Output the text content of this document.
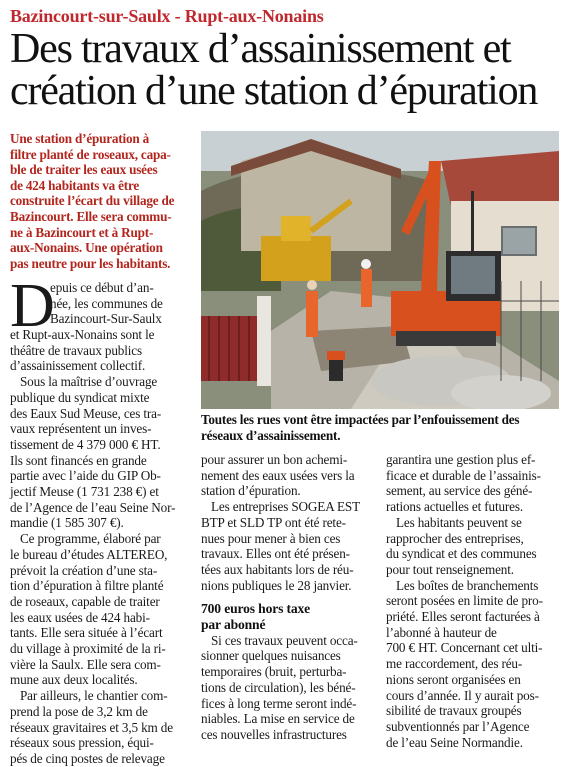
Bazincourt-sur-Saulx - Rupt-aux-Nonains
Des travaux d’assainissement et
création d’une station d’épuration
Une station d’épuration à
filtre planté de roseaux, capa-
ble de traiter les eaux usées
de 424 habitants va être
construite l’écart du village de
Bazincourt. Elle sera commu-
ne à Bazincourt et à Rupt-
aux-Nonains. Une opération
pas neutre pour les habitants.
Toutes les rues vont être impactées par l’enfouissement des
réseaux d’assainissement.
D
epuis ce début d’an-
née, les communes de
Bazincourt-Sur-Saulx
et Rupt-aux-Nonains sont le
théâtre de travaux publics
d’assainissement collectif.
Sous la maîtrise d’ouvrage
publique du syndicat mixte
des Eaux Sud Meuse, ces tra-
vaux représentent un inves-
tissement de 4 379 000 € HT.
Ils sont financés en grande
partie avec l’aide du GIP Ob-
jectif Meuse (1 731 238 €) et
de l’Agence de l’eau Seine Nor-
mandie (1 585 307 €).
Ce programme, élaboré par
le bureau d’études ALTEREO,
prévoit la création d’une sta-
tion d’épuration à filtre planté
de roseaux, capable de traiter
les eaux usées de 424 habi-
tants. Elle sera située à l’écart
du village à proximité de la ri-
vière la Saulx. Elle sera com-
mune aux deux localités.
Par ailleurs, le chantier com-
prend la pose de 3,2 km de
réseaux gravitaires et 3,5 km de
réseaux sous pression, équi-
pés de cinq postes de relevage
pour assurer un bon achemi-
nement des eaux usées vers la
station d’épuration.
Les entreprises SOGEA EST
BTP et SLD TP ont été rete-
nues pour mener à bien ces
travaux. Elles ont été présen-
tées aux habitants lors de réu-
nions publiques le 28 janvier.
700 euros hors taxe
par abonné
Si ces travaux peuvent occa-
sionner quelques nuisances
temporaires (bruit, perturba-
tions de circulation), les béné-
fices à long terme seront indé-
niables. La mise en service de
ces nouvelles infrastructures
garantira une gestion plus ef-
ficace et durable de l’assainis-
sement, au service des géné-
rations actuelles et futures.
Les habitants peuvent se
rapprocher des entreprises,
du syndicat et des communes
pour tout renseignement.
Les boîtes de branchements
seront posées en limite de pro-
priété. Elles seront facturées à
l’abonné à hauteur de
700 € HT. Concernant cet ulti-
me raccordement, des réu-
nions seront organisées en
cours d’année. Il y aurait pos-
sibilité de travaux groupés
subventionnés par l’Agence
de l’eau Seine Normandie.
